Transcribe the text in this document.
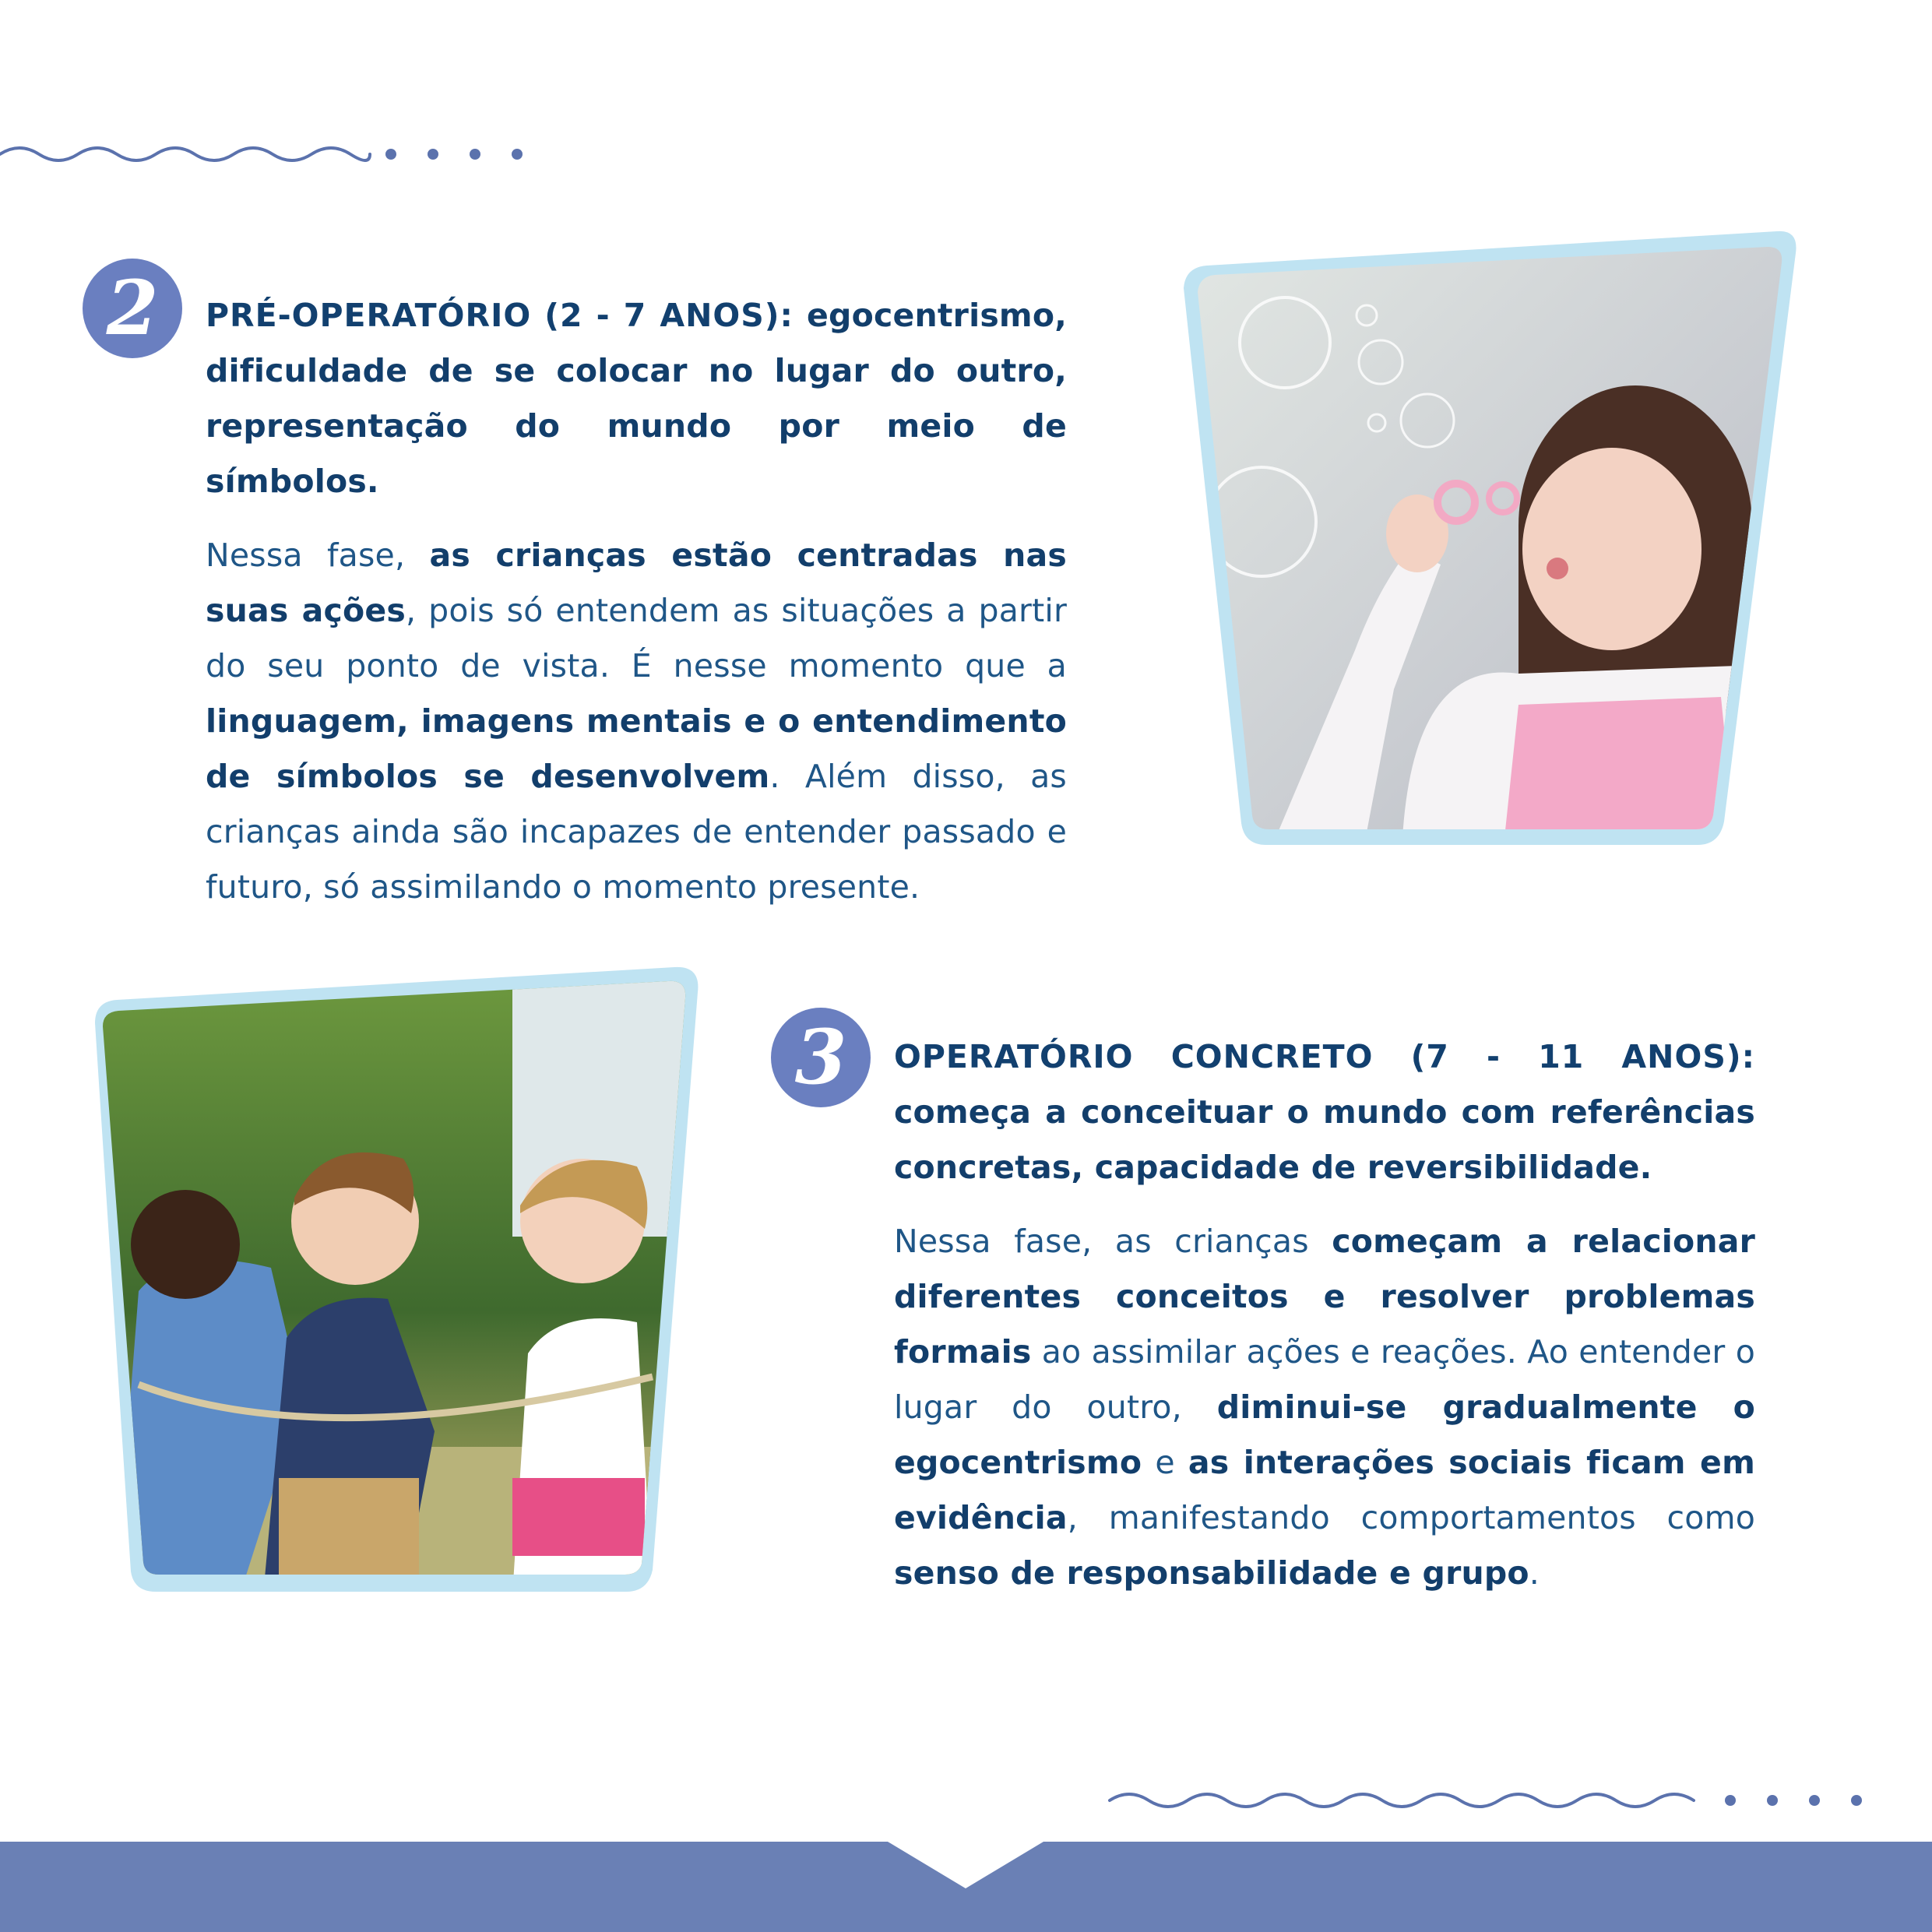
2	PRÉ-OPERATÓRIO (2 - 7 ANOS): egocentrismo, dificuldade de se colocar no lugar do outro, representação do mundo por meio de símbolos.

Nessa fase, as crianças estão centradas nas suas ações, pois só entendem as situações a partir do seu ponto de vista. É nesse momento que a linguagem, imagens mentais e o entendimento de símbolos se desenvolvem. Além disso, as crianças ainda são incapazes de entender passado e futuro, só assimilando o momento presente.

3	OPERATÓRIO CONCRETO (7 - 11 ANOS): começa a conceituar o mundo com referências concretas, capacidade de reversibilidade.

Nessa fase, as crianças começam a relacionar diferentes conceitos e resolver problemas formais ao assimilar ações e reações. Ao entender o lugar do outro, diminui-se gradualmente o egocentrismo e as interações sociais ficam em evidência, manifestando comportamentos como senso de responsabilidade e grupo.
